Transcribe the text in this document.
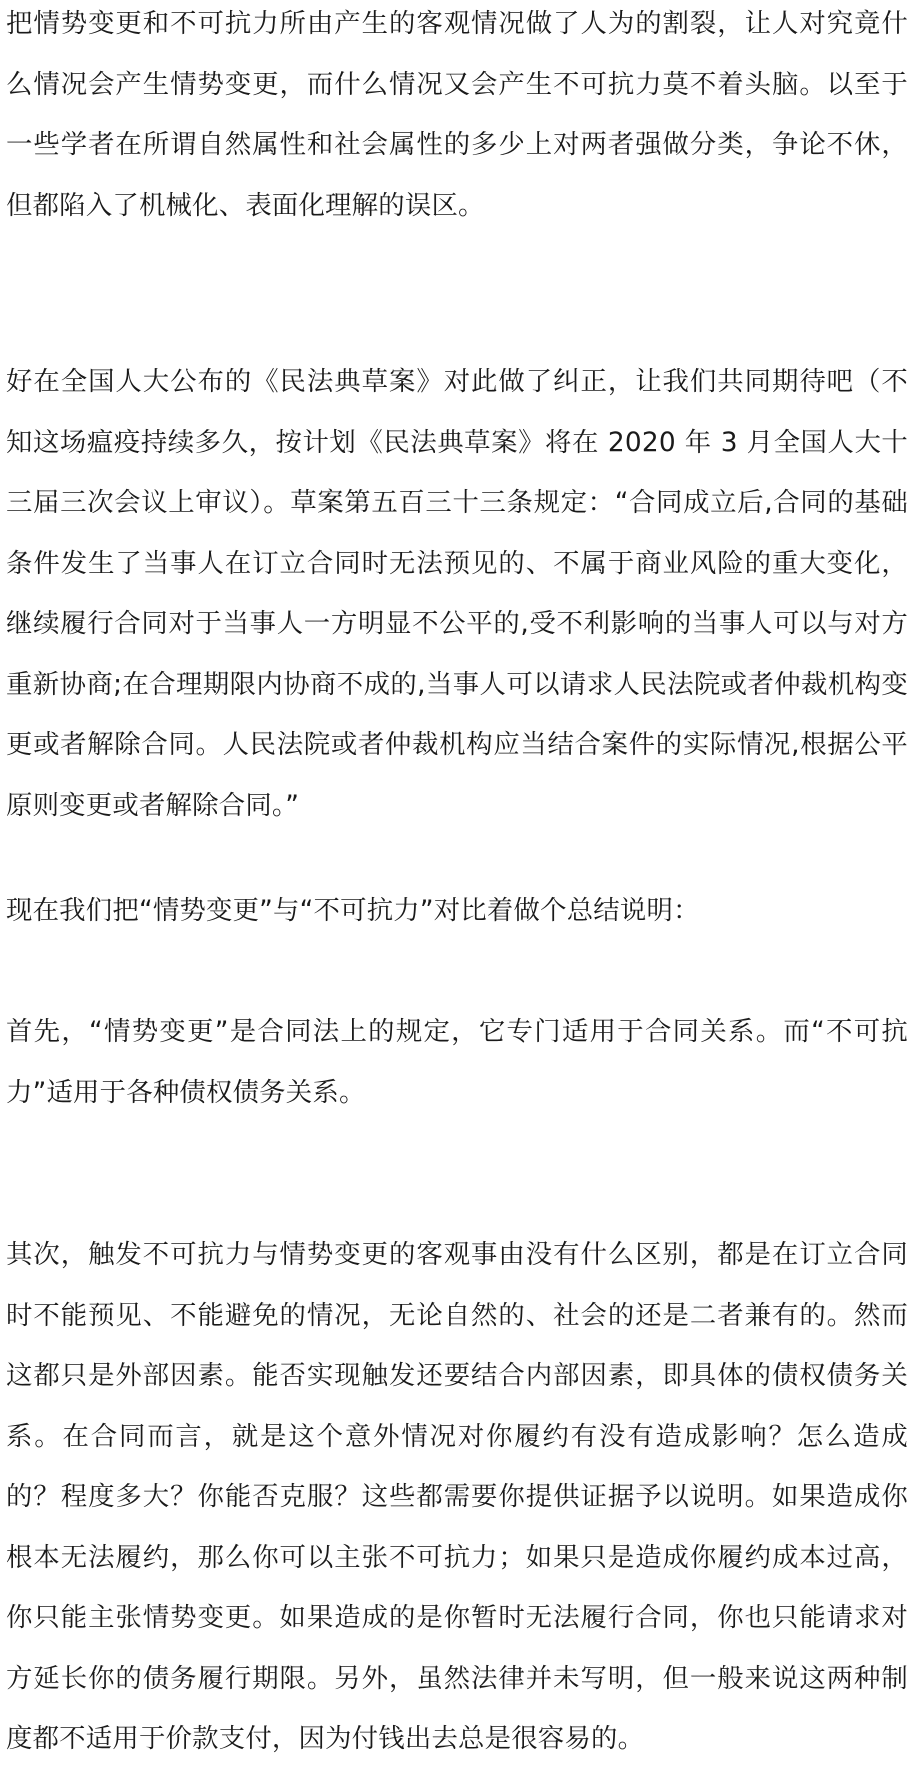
把情势变更和不可抗力所由产生的客观情况做了人为的割裂，让人对究竟什么情况会产生情势变更，而什么情况又会产生不可抗力莫不着头脑。以至于一些学者在所谓自然属性和社会属性的多少上对两者强做分类，争论不休，但都陷入了机械化、表面化理解的误区。

好在全国人大公布的《民法典草案》对此做了纠正，让我们共同期待吧（不知这场瘟疫持续多久，按计划《民法典草案》将在 2020 年 3 月全国人大十三届三次会议上审议）。草案第五百三十三条规定：“合同成立后,合同的基础条件发生了当事人在订立合同时无法预见的、不属于商业风险的重大变化，继续履行合同对于当事人一方明显不公平的,受不利影响的当事人可以与对方重新协商;在合理期限内协商不成的,当事人可以请求人民法院或者仲裁机构变更或者解除合同。人民法院或者仲裁机构应当结合案件的实际情况,根据公平原则变更或者解除合同。”

现在我们把“情势变更”与“不可抗力”对比着做个总结说明：

首先，“情势变更”是合同法上的规定，它专门适用于合同关系。而“不可抗力”适用于各种债权债务关系。

其次，触发不可抗力与情势变更的客观事由没有什么区别，都是在订立合同时不能预见、不能避免的情况，无论自然的、社会的还是二者兼有的。然而这都只是外部因素。能否实现触发还要结合内部因素，即具体的债权债务关系。在合同而言，就是这个意外情况对你履约有没有造成影响？怎么造成的？程度多大？你能否克服？这些都需要你提供证据予以说明。如果造成你根本无法履约，那么你可以主张不可抗力；如果只是造成你履约成本过高，你只能主张情势变更。如果造成的是你暂时无法履行合同，你也只能请求对方延长你的债务履行期限。另外，虽然法律并未写明，但一般来说这两种制度都不适用于价款支付，因为付钱出去总是很容易的。
